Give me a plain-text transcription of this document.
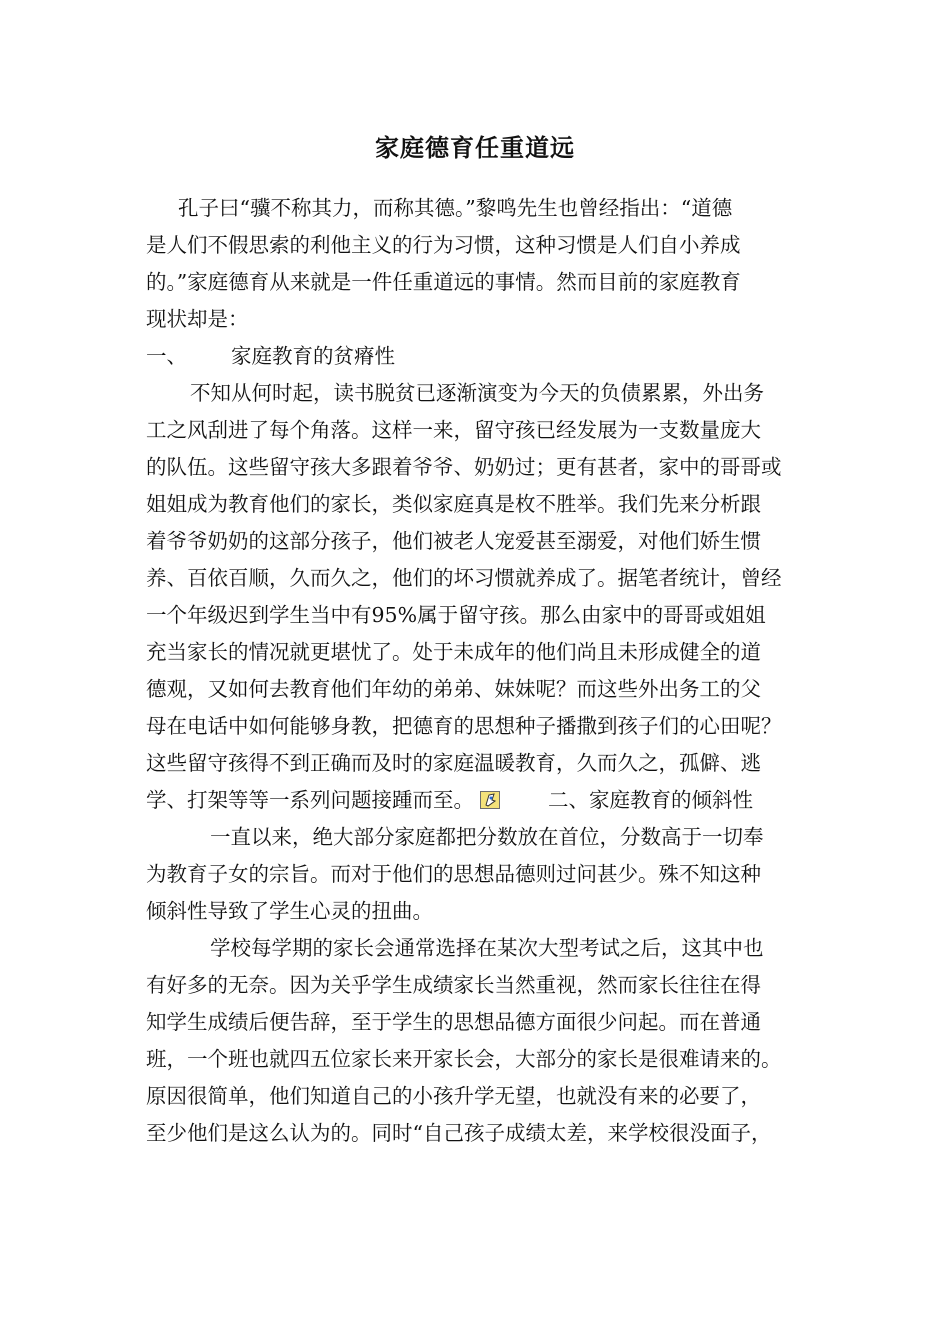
家庭德育任重道远
孔子曰“骥不称其力，而称其德。”黎鸣先生也曾经指出：“道德
是人们不假思索的利他主义的行为习惯，这种习惯是人们自小养成
的。”家庭德育从来就是一件任重道远的事情。然而目前的家庭教育
现状却是：
一、 家庭教育的贫瘠性
不知从何时起，读书脱贫已逐渐演变为今天的负债累累，外出务
工之风刮进了每个角落。这样一来，留守孩已经发展为一支数量庞大
的队伍。这些留守孩大多跟着爷爷、奶奶过；更有甚者，家中的哥哥或
姐姐成为教育他们的家长，类似家庭真是枚不胜举。我们先来分析跟
着爷爷奶奶的这部分孩子，他们被老人宠爱甚至溺爱，对他们娇生惯
养、百依百顺，久而久之，他们的坏习惯就养成了。据笔者统计，曾经
一个年级迟到学生当中有95%属于留守孩。那么由家中的哥哥或姐姐
充当家长的情况就更堪忧了。处于未成年的他们尚且未形成健全的道
德观，又如何去教育他们年幼的弟弟、妹妹呢？而这些外出务工的父
母在电话中如何能够身教，把德育的思想种子播撒到孩子们的心田呢？
这些留守孩得不到正确而及时的家庭温暖教育，久而久之，孤僻、逃
学、打架等等一系列问题接踵而至。	二、家庭教育的倾斜性
一直以来，绝大部分家庭都把分数放在首位，分数高于一切奉
为教育子女的宗旨。而对于他们的思想品德则过问甚少。殊不知这种
倾斜性导致了学生心灵的扭曲。
学校每学期的家长会通常选择在某次大型考试之后，这其中也
有好多的无奈。因为关乎学生成绩家长当然重视，然而家长往往在得
知学生成绩后便告辞，至于学生的思想品德方面很少问起。而在普通
班，一个班也就四五位家长来开家长会，大部分的家长是很难请来的。
原因很简单，他们知道自己的小孩升学无望，也就没有来的必要了，
至少他们是这么认为的。同时“自己孩子成绩太差，来学校很没面子，
